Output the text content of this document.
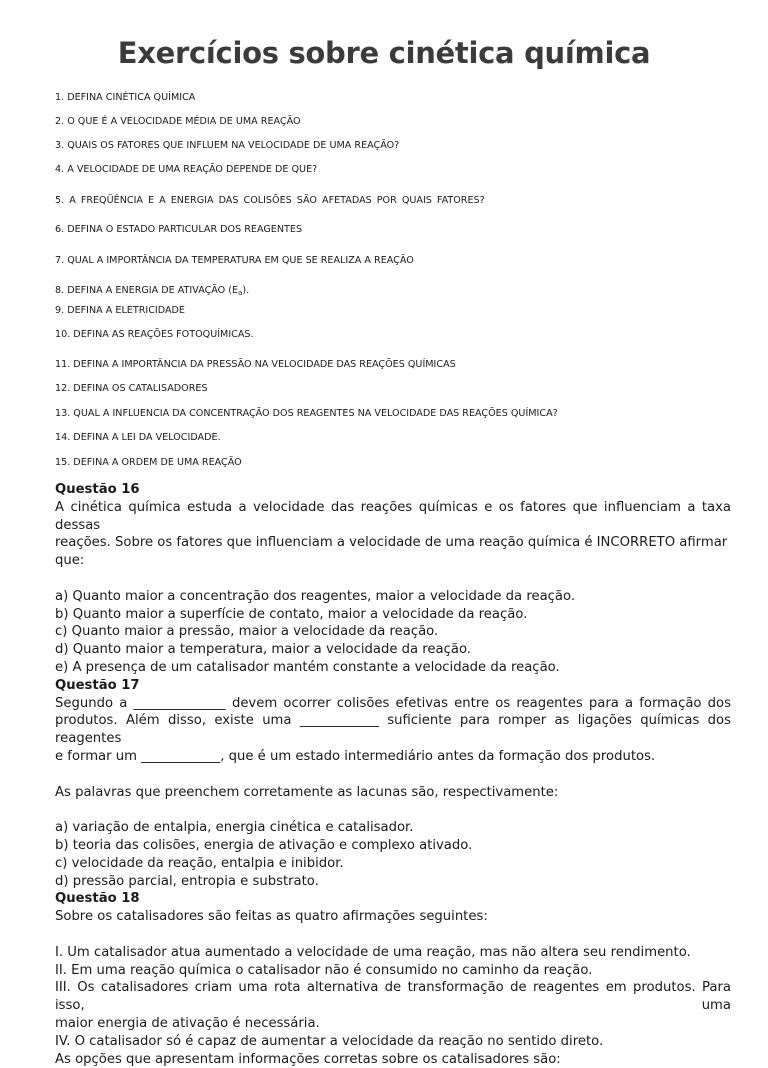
Exercícios sobre cinética química
1. DEFINA CINÉTICA QUÍMICA
2. O QUE É A VELOCIDADE MÉDIA DE UMA REAÇÃO
3. QUAIS OS FATORES QUE INFLUEM NA VELOCIDADE DE UMA REAÇÃO?
4. A VELOCIDADE DE UMA REAÇÃO DEPENDE DE QUE?
5. A FREQÜÊNCIA E A ENERGIA DAS COLISÕES SÃO AFETADAS POR QUAIS FATORES?
6. DEFINA O ESTADO PARTICULAR DOS REAGENTES
7. QUAL A IMPORTÂNCIA DA TEMPERATURA EM QUE SE REALIZA A REAÇÃO
8. DEFINA A ENERGIA DE ATIVAÇÃO $(E_a)$.
9. DEFINA A ELETRICIDADE
10. DEFINA AS REAÇÕES FOTOQUÍMICAS.
11. DEFINA A IMPORTÂNCIA DA PRESSÃO NA VELOCIDADE DAS REAÇÕES QUÍMICAS
12. DEFINA OS CATALISADORES
13. QUAL A INFLUENCIA DA CONCENTRAÇÃO DOS REAGENTES NA VELOCIDADE DAS REAÇÕES QUÍMICA?
14. DEFINA A LEI DA VELOCIDADE.
15. DEFINA A ORDEM DE UMA REAÇÃO

Questão 16

A cinética química estuda a velocidade das reações químicas e os fatores que influenciam a taxa dessas

reações. Sobre os fatores que influenciam a velocidade de uma reação química é INCORRETO afirmar que:

a) Quanto maior a concentração dos reagentes, maior a velocidade da reação.

b) Quanto maior a superfície de contato, maior a velocidade da reação.

c) Quanto maior a pressão, maior a velocidade da reação.

d) Quanto maior a temperatura, maior a velocidade da reação.

e) A presença de um catalisador mantém constante a velocidade da reação.

Questão 17

Segundo a ______________ devem ocorrer colisões efetivas entre os reagentes para a formação dos

produtos. Além disso, existe uma ____________ suficiente para romper as ligações químicas dos reagentes

e formar um ____________, que é um estado intermediário antes da formação dos produtos.

As palavras que preenchem corretamente as lacunas são, respectivamente:

a) variação de entalpia, energia cinética e catalisador.

b) teoria das colisões, energia de ativação e complexo ativado.

c) velocidade da reação, entalpia e inibidor.

d) pressão parcial, entropia e substrato.

Questão 18

Sobre os catalisadores são feitas as quatro afirmações seguintes:

I. Um catalisador atua aumentado a velocidade de uma reação, mas não altera seu rendimento.

II. Em uma reação química o catalisador não é consumido no caminho da reação.

III. Os catalisadores criam uma rota alternativa de transformação de reagentes em produtos. Para isso, uma

maior energia de ativação é necessária.

IV. O catalisador só é capaz de aumentar a velocidade da reação no sentido direto.

As opções que apresentam informações corretas sobre os catalisadores são:
